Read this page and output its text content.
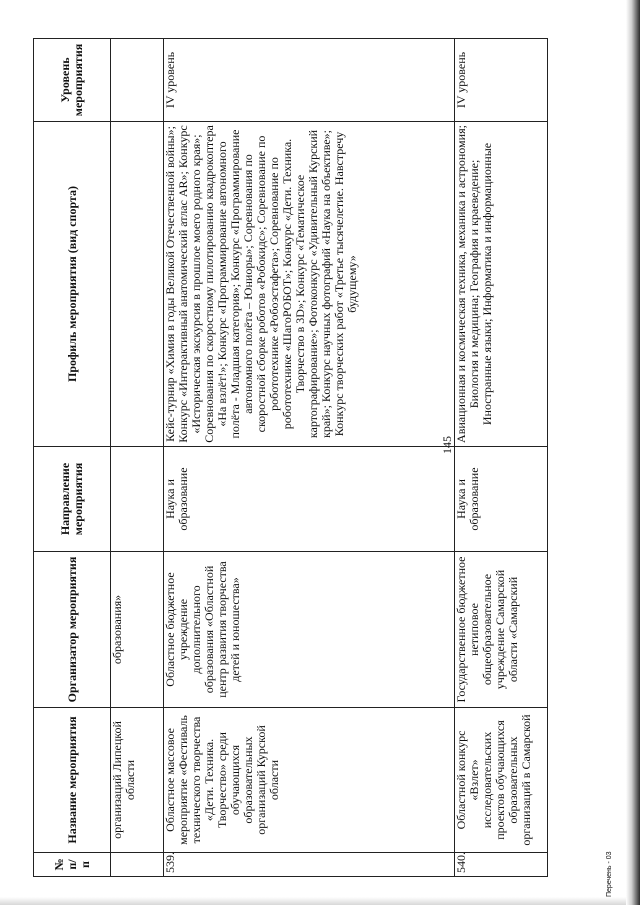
145
№ п/п	Название мероприятия	Организатор мероприятия	Направление мероприятия	Профиль мероприятия (вид спорта)	Уровень мероприятия
	организаций Липецкой области	образования»			
539.	Областное массовое мероприятие «Фестиваль технического творчества «Дети. Техника. Творчество» среди обучающихся образовательных организаций Курской области	Областное бюджетное учреждение дополнительного образования «Областной центр развития творчества детей и юношества»	Наука и образование	Кейс-турнир «Химия в годы Великой Отечественной войны»; Конкурс «Интерактивный анатомический атлас AR»; Конкурс «Историческая экскурсия в прошлое моего родного края»; Соревнования по скоростному пилотированию квадрокоптера «На взлёт!»; Конкурс «Программирование автономного полёта - Младшая категория»; Конкурс «Программирование автономного полёта – Юниоры»; Соревнования по скоростной сборке роботов «Робокидс»; Соревнование по робототехнике «Робоэстафета»; Соревнование по робототехнике «ШагоРОБОТ»; Конкурс «Дети. Техника. Творчество в 3D»; Конкурс «Тематическое картографирование»; Фотоконкурс «Удивительный Курский край»; Конкурс научных фотографий «Наука на объективе»; Конкурс творческих работ «Третье тысячелетие. Навстречу будущему»	IV уровень
540.	Областной конкурс «Взлет» исследовательских проектов обучающихся образовательных организаций в Самарской	Государственное бюджетное нетиповое общеобразовательное учреждение Самарской области «Самарский	Наука и образование	Авиационная и космическая техника, механика и астрономия; Биология и медицина; География и краеведение; Иностранные языки; Информатика и информационные	IV уровень
Перечень - 03
